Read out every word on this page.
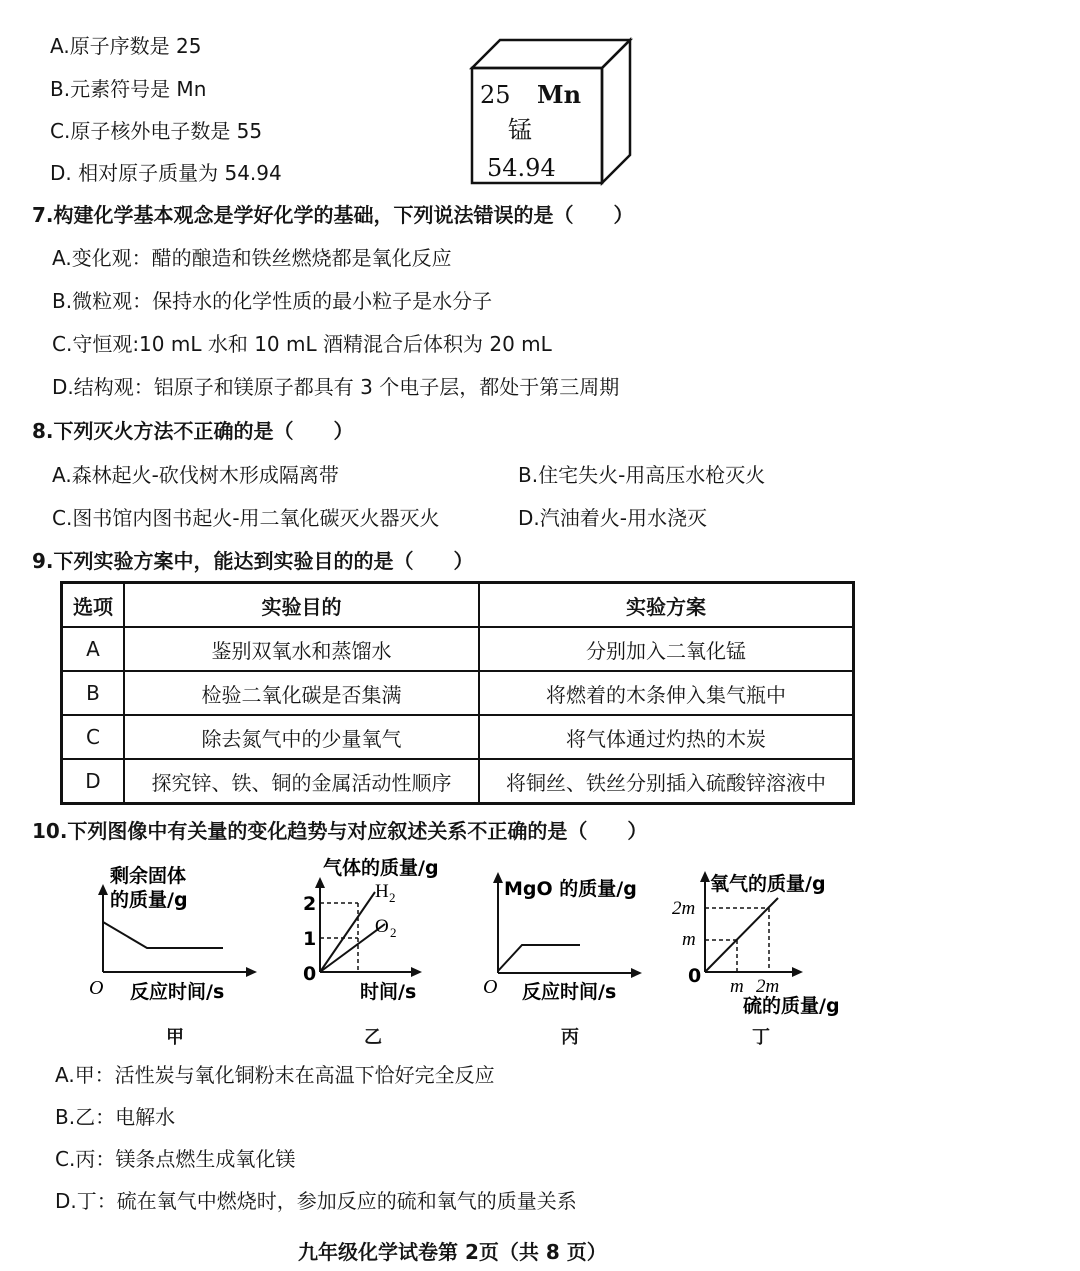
A.原子序数是 25
B.元素符号是 Mn
C.原子核外电子数是 55
D. 相对原子质量为 54.94
25 Mn
锰
54.94
7.构建化学基本观念是学好化学的基础，下列说法错误的是（　　）
A.变化观：醋的酿造和铁丝燃烧都是氧化反应
B.微粒观：保持水的化学性质的最小粒子是水分子
C.守恒观:10 mL 水和 10 mL 酒精混合后体积为 20 mL
D.结构观：铝原子和镁原子都具有 3 个电子层，都处于第三周期
8.下列灭火方法不正确的是（　　）
A.森林起火-砍伐树木形成隔离带	B.住宅失火-用高压水枪灭火
C.图书馆内图书起火-用二氧化碳灭火器灭火	D.汽油着火-用水浇灭
9.下列实验方案中，能达到实验目的的是（　　）
选项	实验目的	实验方案
A	鉴别双氧水和蒸馏水	分别加入二氧化锰
B	检验二氧化碳是否集满	将燃着的木条伸入集气瓶中
C	除去氮气中的少量氧气	将气体通过灼热的木炭
D	探究锌、铁、铜的金属活动性顺序	将铜丝、铁丝分别插入硫酸锌溶液中
10.下列图像中有关量的变化趋势与对应叙述关系不正确的是（　　）
剩余固体
的质量/g
O 反应时间/s
甲
气体的质量/g
2
1
0
H 2
O 2
时间/s
乙
MgO 的质量/g
O 反应时间/s
丙
氧气的质量/g
2m
m
0 m 2m
硫的质量/g
丁
A.甲：活性炭与氧化铜粉末在高温下恰好完全反应
B.乙：电解水
C.丙：镁条点燃生成氧化镁
D.丁：硫在氧气中燃烧时，参加反应的硫和氧气的质量关系
九年级化学试卷第 2页（共 8 页）
